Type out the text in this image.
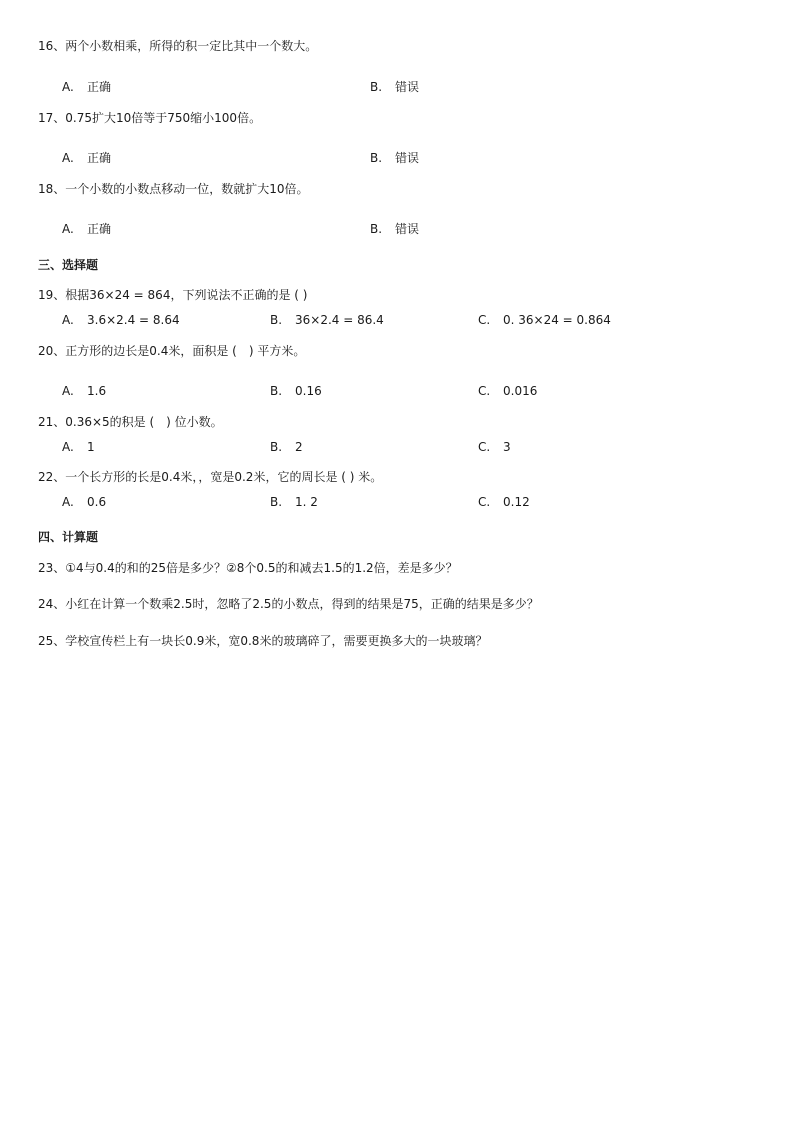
16、两个小数相乘，所得的积一定比其中一个数大。
A. 正确	B. 错误
17、0.75扩大10倍等于750缩小100倍。
A. 正确	B. 错误
18、一个小数的小数点移动一位，数就扩大10倍。
A. 正确	B. 错误
三、选择题
19、根据36×24 = 864，下列说法不正确的是 ( )
A. 3.6×2.4 = 8.64	B. 36×2.4 = 86.4	C. 0. 36×24 = 0.864
20、正方形的边长是0.4米，面积是 (　) 平方米。
A. 1.6	B. 0.16	C. 0.016
21、0.36×5的积是 (　) 位小数。
A. 1	B. 2	C. 3
22、一个长方形的长是0.4米，，宽是0.2米，它的周长是 ( ) 米。
A. 0.6	B. 1. 2	C. 0.12
四、计算题
23、①4与0.4的和的25倍是多少？②8个0.5的和减去1.5的1.2倍，差是多少？
24、小红在计算一个数乘2.5时，忽略了2.5的小数点，得到的结果是75，正确的结果是多少？
25、学校宣传栏上有一块长0.9米，宽0.8米的玻璃碎了，需要更换多大的一块玻璃？
